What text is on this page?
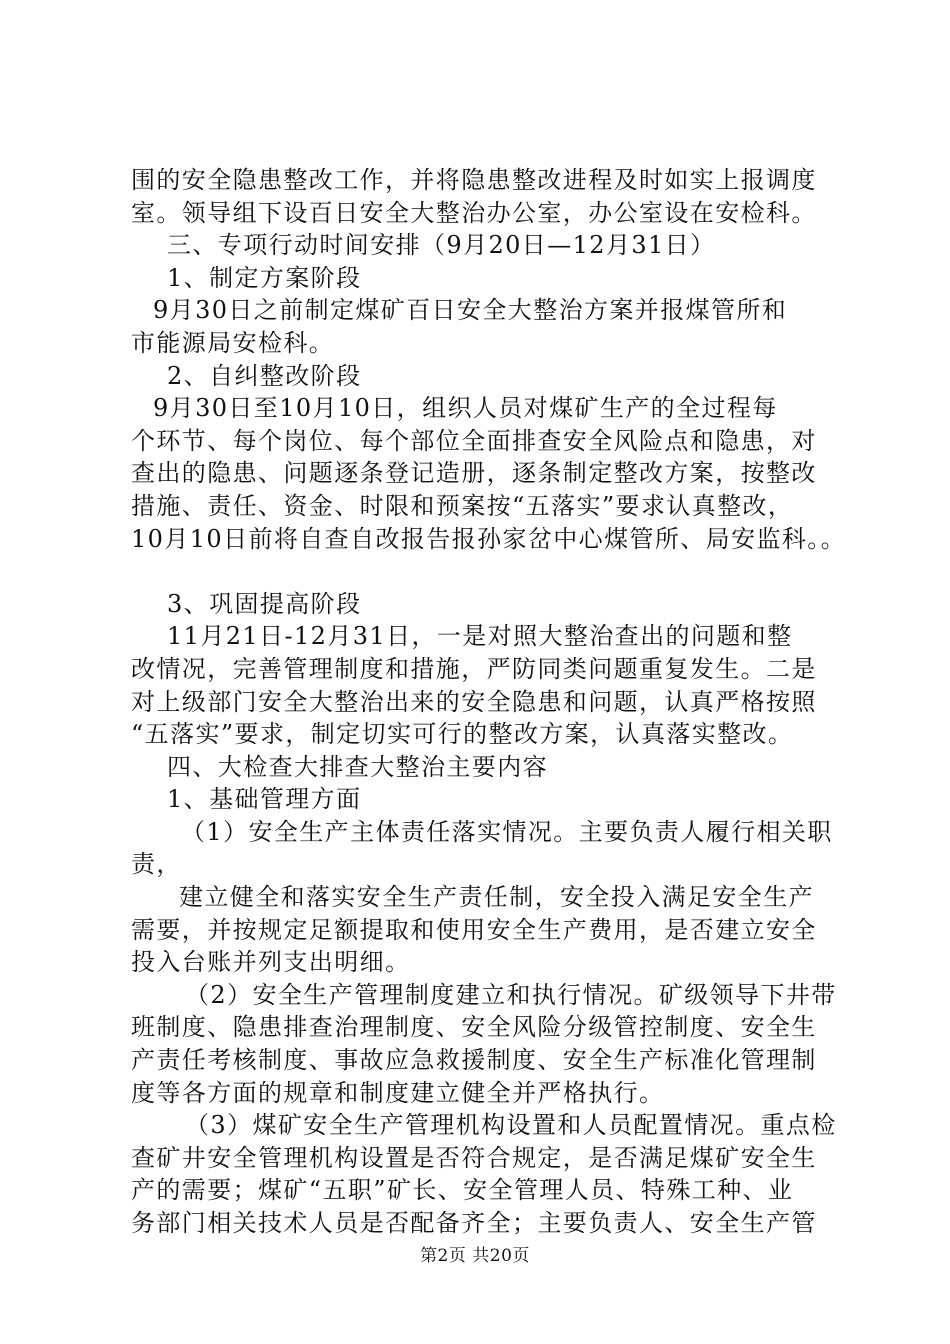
围的安全隐患整改工作，并将隐患整改进程及时如实上报调度
室。领导组下设百日安全大整治办公室，办公室设在安检科。
三、专项行动时间安排（9月20日—12月31日）
1、制定方案阶段
9月30日之前制定煤矿百日安全大整治方案并报煤管所和
市能源局安检科。
2、自纠整改阶段
9月30日至10月10日，组织人员对煤矿生产的全过程每
个环节、每个岗位、每个部位全面排查安全风险点和隐患，对
查出的隐患、问题逐条登记造册，逐条制定整改方案，按整改
措施、责任、资金、时限和预案按“五落实”要求认真整改，
10月10日前将自查自改报告报孙家岔中心煤管所、局安监科。。
3、巩固提高阶段
11月21日-12月31日，一是对照大整治查出的问题和整
改情况，完善管理制度和措施，严防同类问题重复发生。二是
对上级部门安全大整治出来的安全隐患和问题，认真严格按照
“五落实”要求，制定切实可行的整改方案，认真落实整改。
四、大检查大排查大整治主要内容
1、基础管理方面
（1）安全生产主体责任落实情况。主要负责人履行相关职
责，
建立健全和落实安全生产责任制，安全投入满足安全生产
需要，并按规定足额提取和使用安全生产费用，是否建立安全
投入台账并列支出明细。
（2）安全生产管理制度建立和执行情况。矿级领导下井带
班制度、隐患排查治理制度、安全风险分级管控制度、安全生
产责任考核制度、事故应急救援制度、安全生产标准化管理制
度等各方面的规章和制度建立健全并严格执行。
（3）煤矿安全生产管理机构设置和人员配置情况。重点检
查矿井安全管理机构设置是否符合规定，是否满足煤矿安全生
产的需要；煤矿“五职”矿长、安全管理人员、特殊工种、业
务部门相关技术人员是否配备齐全；主要负责人、安全生产管
第2页 共20页
